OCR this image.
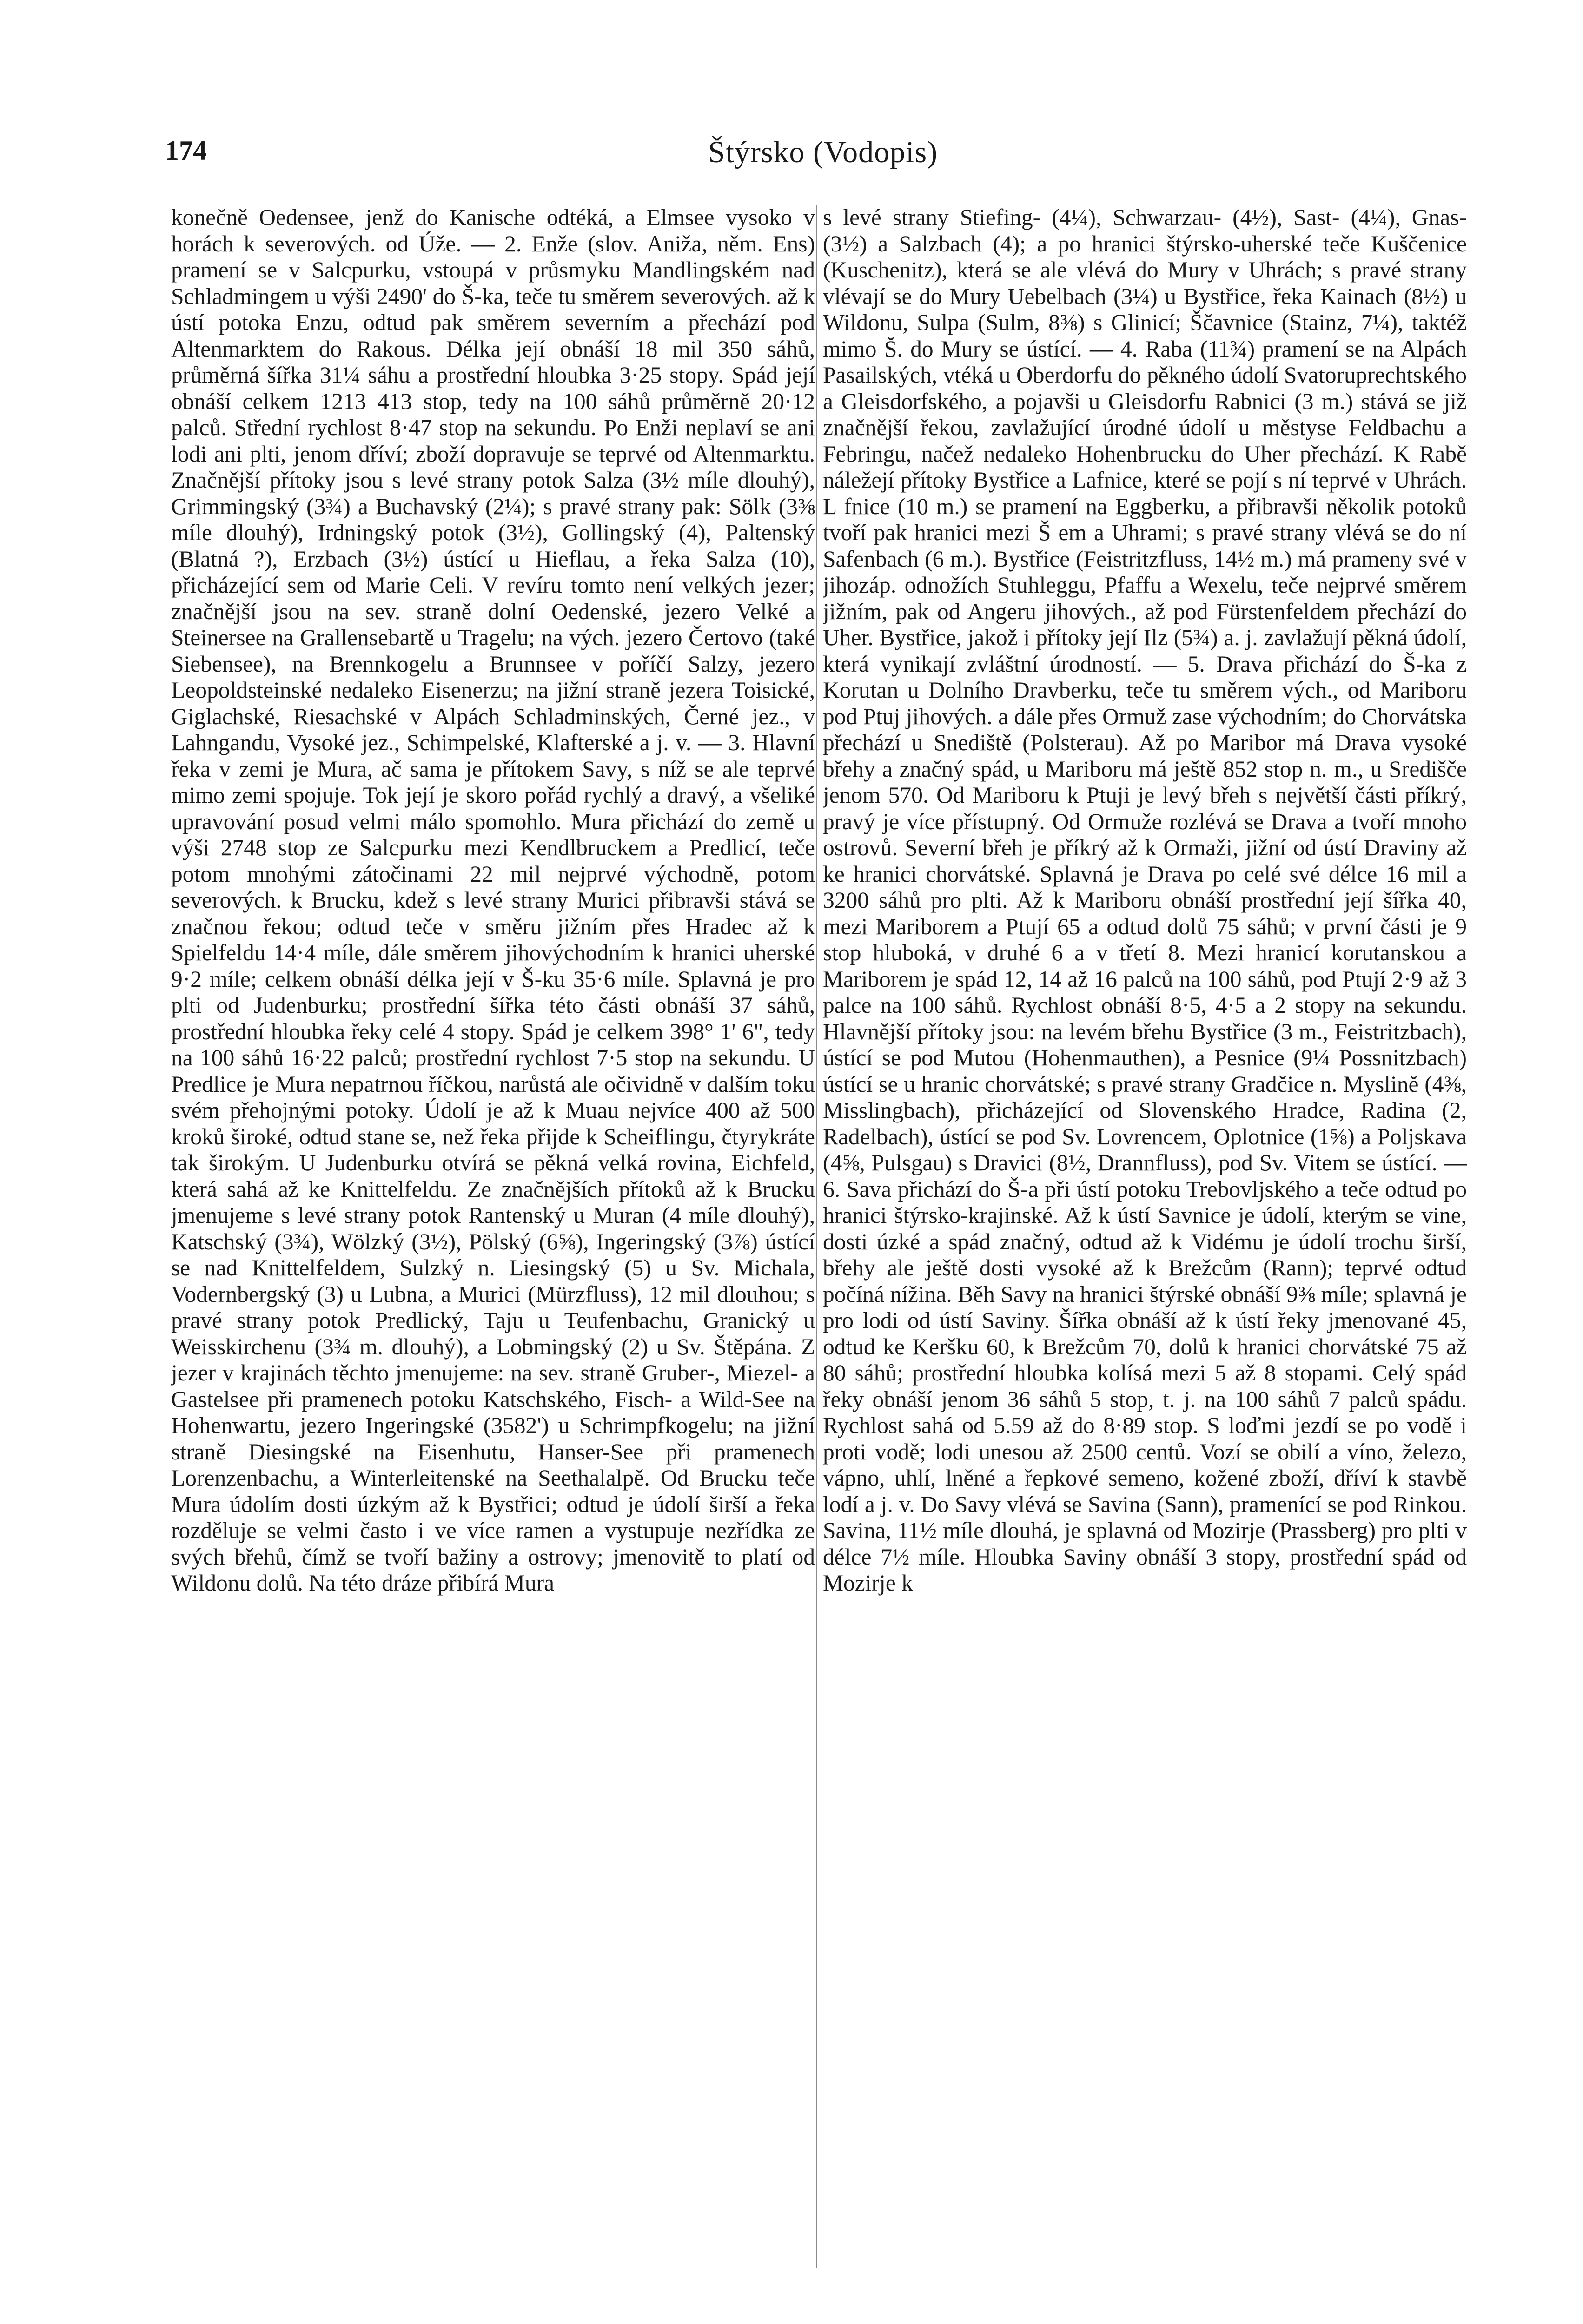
174	Štýrsko (Vodopis)

konečně Oedensee, jenž do Kanische odtéká, a Elmsee vysoko v horách k severových. od Úže. — 2. Enže (slov. Aniža, něm. Ens) pramení se v Salcpurku, vstoupá v průsmyku Mandlingském nad Schladmingem u výši 2490' do Š-ka, teče tu směrem severových. až k ústí potoka Enzu, odtud pak směrem severním a přechází pod Altenmarktem do Rakous. Délka její obnáší 18 mil 350 sáhů, průměrná šířka 31¼ sáhu a prostřední hloubka 3·25 stopy. Spád její obnáší celkem 1213 413 stop, tedy na 100 sáhů průměrně 20·12 palců. Střední rychlost 8·47 stop na sekundu. Po Enži neplaví se ani lodi ani plti, jenom dříví; zboží dopravuje se teprvé od Altenmarktu. Značnější přítoky jsou s levé strany potok Salza (3½ míle dlouhý), Grimmingský (3¾) a Buchavský (2¼); s pravé strany pak: Sölk (3⅜ míle dlouhý), Irdningský potok (3½), Gollingský (4), Paltenský (Blatná ?), Erzbach (3½) ústící u Hieflau, a řeka Salza (10), přicházející sem od Marie Celi. V revíru tomto není velkých jezer; značnější jsou na sev. straně dolní Oedenské, jezero Velké a Steinersee na Grallensebartě u Tragelu; na vých. jezero Čertovo (také Siebensee), na Brennkogelu a Brunnsee v poříčí Salzy, jezero Leopoldsteinské nedaleko Eisenerzu; na jižní straně jezera Toisické, Giglachské, Riesachské v Alpách Schladminských, Černé jez., v Lahngandu, Vysoké jez., Schimpelské, Klafterské a j. v. — 3. Hlavní řeka v zemi je Mura, ač sama je přítokem Savy, s níž se ale teprvé mimo zemi spojuje. Tok její je skoro pořád rychlý a dravý, a všeliké upravování posud velmi málo spomohlo. Mura přichází do země u výši 2748 stop ze Salcpurku mezi Kendlbruckem a Predlicí, teče potom mnohými zátočinami 22 mil nejprvé východně, potom severových. k Brucku, kdež s levé strany Murici přibravši stává se značnou řekou; odtud teče v směru jižním přes Hradec až k Spielfeldu 14·4 míle, dále směrem jihovýchodním k hranici uherské 9·2 míle; celkem obnáší délka její v Š-ku 35·6 míle. Splavná je pro plti od Judenburku; prostřední šířka této části obnáší 37 sáhů, prostřední hloubka řeky celé 4 stopy. Spád je celkem 398° 1' 6", tedy na 100 sáhů 16·22 palců; prostřední rychlost 7·5 stop na sekundu. U Predlice je Mura nepatrnou říčkou, narůstá ale očividně v dalším toku svém přehojnými potoky. Údolí je až k Muau nejvíce 400 až 500 kroků široké, odtud stane se, než řeka přijde k Scheiflingu, čtyrykráte tak širokým. U Judenburku otvírá se pěkná velká rovina, Eichfeld, která sahá až ke Knittelfeldu. Ze značnějších přítoků až k Brucku jmenujeme s levé strany potok Rantenský u Muran (4 míle dlouhý), Katschský (3¾), Wölzký (3½), Pölský (6⅝), Ingeringský (3⅞) ústící se nad Knittelfeldem, Sulzký n. Liesingský (5) u Sv. Michala, Vodernbergský (3) u Lubna, a Murici (Mürzfluss), 12 mil dlouhou; s pravé strany potok Predlický, Taju u Teufenbachu, Granický u Weisskirchenu (3¾ m. dlouhý), a Lobmingský (2) u Sv. Štěpána. Z jezer v krajinách těchto jmenujeme: na sev. straně Gruber-, Miezel- a Gastelsee při pramenech potoku Katschského, Fisch- a Wild-See na Hohenwartu, jezero Ingeringské (3582') u Schrimpfkogelu; na jižní straně Diesingské na Eisenhutu, Hanser-See při pramenech Lorenzenbachu, a Winterleitenské na Seethalalpě. Od Brucku teče Mura údolím dosti úzkým až k Bystřici; odtud je údolí širší a řeka rozděluje se velmi často i ve více ramen a vystupuje nezřídka ze svých břehů, čímž se tvoří bažiny a ostrovy; jmenovitě to platí od Wildonu dolů. Na této dráze přibírá Mura

s levé strany Stiefing- (4¼), Schwarzau- (4½), Sast- (4¼), Gnas- (3½) a Salzbach (4); a po hranici štýrsko-uherské teče Kuščenice (Kuschenitz), která se ale vlévá do Mury v Uhrách; s pravé strany vlévají se do Mury Uebelbach (3¼) u Bystřice, řeka Kainach (8½) u Wildonu, Sulpa (Sulm, 8⅜) s Glinicí; Ščavnice (Stainz, 7¼), taktéž mimo Š. do Mury se ústící. — 4. Raba (11¾) pramení se na Alpách Pasailských, vtéká u Oberdorfu do pěkného údolí Svatoruprechtského a Gleisdorfského, a pojavši u Gleisdorfu Rabnici (3 m.) stává se již značnější řekou, zavlažující úrodné údolí u městyse Feldbachu a Febringu, načež nedaleko Hohenbrucku do Uher přechází. K Rabě náležejí přítoky Bystřice a Lafnice, které se pojí s ní teprvé v Uhrách. L fnice (10 m.) se pramení na Eggberku, a přibravši několik potoků tvoří pak hranici mezi Š em a Uhrami; s pravé strany vlévá se do ní Safenbach (6 m.). Bystřice (Feistritzfluss, 14½ m.) má prameny své v jihozáp. odnožích Stuhleggu, Pfaffu a Wexelu, teče nejprvé směrem jižním, pak od Angeru jihových., až pod Fürstenfeldem přechází do Uher. Bystřice, jakož i přítoky její Ilz (5¾) a. j. zavlažují pěkná údolí, která vynikají zvláštní úrodností. — 5. Drava přichází do Š-ka z Korutan u Dolního Dravberku, teče tu směrem vých., od Mariboru pod Ptuj jihových. a dále přes Ormuž zase východním; do Chorvátska přechází u Snediště (Polsterau). Až po Maribor má Drava vysoké břehy a značný spád, u Mariboru má ještě 852 stop n. m., u Središče jenom 570. Od Mariboru k Ptuji je levý břeh s největší části příkrý, pravý je více přístupný. Od Ormuže rozlévá se Drava a tvoří mnoho ostrovů. Severní břeh je příkrý až k Ormaži, jižní od ústí Draviny až ke hranici chorvátské. Splavná je Drava po celé své délce 16 mil a 3200 sáhů pro plti. Až k Mariboru obnáší prostřední její šířka 40, mezi Mariborem a Ptují 65 a odtud dolů 75 sáhů; v první části je 9 stop hluboká, v druhé 6 a v třetí 8. Mezi hranicí korutanskou a Mariborem je spád 12, 14 až 16 palců na 100 sáhů, pod Ptují 2·9 až 3 palce na 100 sáhů. Rychlost obnáší 8·5, 4·5 a 2 stopy na sekundu. Hlavnější přítoky jsou: na levém břehu Bystřice (3 m., Feistritzbach), ústící se pod Mutou (Hohenmauthen), a Pesnice (9¼ Possnitzbach) ústící se u hranic chorvátské; s pravé strany Gradčice n. Myslině (4⅜, Misslingbach), přicházející od Slovenského Hradce, Radina (2, Radelbach), ústící se pod Sv. Lovrencem, Oplotnice (1⅝) a Poljskava (4⅝, Pulsgau) s Dravici (8½, Drannfluss), pod Sv. Vitem se ústící. — 6. Sava přichází do Š-a při ústí potoku Trebovljského a teče odtud po hranici štýrsko-krajinské. Až k ústí Savnice je údolí, kterým se vine, dosti úzké a spád značný, odtud až k Vidému je údolí trochu širší, břehy ale ještě dosti vysoké až k Brežcům (Rann); teprvé odtud počíná nížina. Běh Savy na hranici štýrské obnáší 9⅜ míle; splavná je pro lodi od ústí Saviny. Šířka obnáší až k ústí řeky jmenované 45, odtud ke Keršku 60, k Brežcům 70, dolů k hranici chorvátské 75 až 80 sáhů; prostřední hloubka kolísá mezi 5 až 8 stopami. Celý spád řeky obnáší jenom 36 sáhů 5 stop, t. j. na 100 sáhů 7 palců spádu. Rychlost sahá od 5.59 až do 8·89 stop. S loďmi jezdí se po vodě i proti vodě; lodi unesou až 2500 centů. Vozí se obilí a víno, železo, vápno, uhlí, lněné a řepkové semeno, kožené zboží, dříví k stavbě lodí a j. v. Do Savy vlévá se Savina (Sann), pramenící se pod Rinkou. Savina, 11½ míle dlouhá, je splavná od Mozirje (Prassberg) pro plti v délce 7½ míle. Hloubka Saviny obnáší 3 stopy, prostřední spád od Mozirje k
